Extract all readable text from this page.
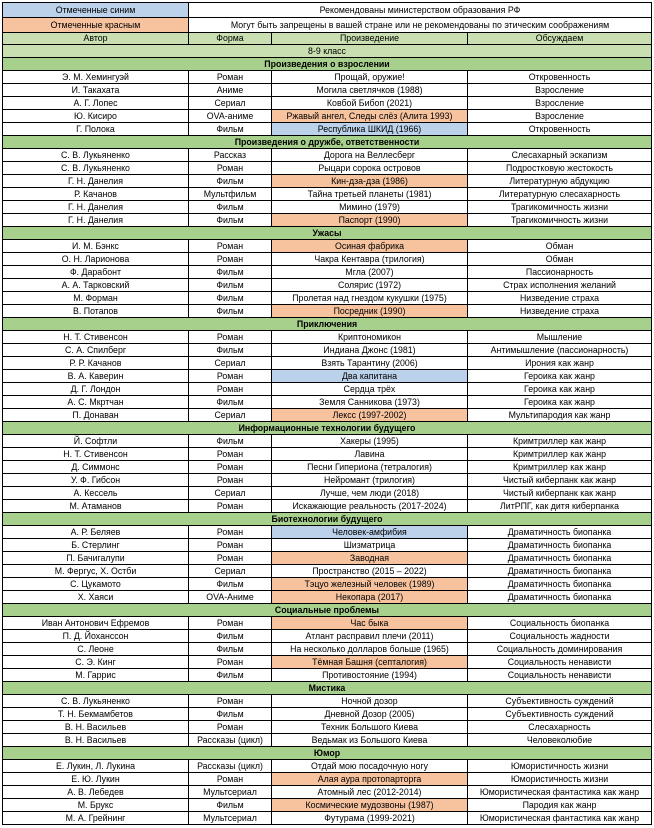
Отмеченные синим	Рекомендованы министерством образования РФ
Отмеченные красным	Могут быть запрещены в вашей стране или не рекомендованы по этическим соображениям
Автор	Форма	Произведение	Обсуждаем
8-9 класс
Произведения о взрослении
Э. М. Хемингуэй	Роман	Прощай, оружие!	Откровенность
И. Такахата	Аниме	Могила светлячков (1988)	Взросление
А. Г. Лопес	Сериал	Ковбой Бибоп (2021)	Взросление
Ю. Кисиро	OVA-аниме	Ржавый ангел, Следы слёз (Алита 1993)	Взросление
Г. Полока	Фильм	Республика ШКИД (1966)	Откровенность
Произведения о дружбе, ответственности
С. В. Лукьяненко	Рассказ	Дорога на Веллесберг	Слесахарный эскапизм
С. В. Лукьяненко	Роман	Рыцари сорока островов	Подростковую жестокость
Г. Н. Данелия	Фильм	Кин-дза-дза (1986)	Литературную абдукцию
Р. Качанов	Мультфильм	Тайна третьей планеты (1981)	Литературную слесахарность
Г. Н. Данелия	Фильм	Мимино (1979)	Трагикомичность жизни
Г. Н. Данелия	Фильм	Паспорт (1990)	Трагикомичность жизни
Ужасы
И. М. Бэнкс	Роман	Осиная фабрика	Обман
О. Н. Ларионова	Роман	Чакра Кентавра (трилогия)	Обман
Ф. Дарабонт	Фильм	Мгла (2007)	Пассионарность
А. А. Тарковский	Фильм	Солярис (1972)	Страх исполнения желаний
М. Форман	Фильм	Пролетая над гнездом кукушки (1975)	Низведение страха
В. Потапов	Фильм	Посредник (1990)	Низведение страха
Приключения
Н. Т. Стивенсон	Роман	Криптономикон	Мышление
С. А. Спилберг	Фильм	Индиана Джонс (1981)	Антимышление (пассионарность)
Р. Р. Качанов	Сериал	Взять Тарантину (2006)	Ирония как жанр
В. А. Каверин	Роман	Два капитана	Героика как жанр
Д. Г. Лондон	Роман	Сердца трёх	Героика как жанр
А. С. Мкртчан	Фильм	Земля Санникова (1973)	Героика как жанр
П. Донаван	Сериал	Лексс (1997-2002)	Мультипародия как жанр
Информационные технологии будущего
Й. Софтли	Фильм	Хакеры (1995)	Кримтриллер как жанр
Н. Т. Стивенсон	Роман	Лавина	Кримтриллер как жанр
Д. Симмонс	Роман	Песни Гипериона (тетралогия)	Кримтриллер как жанр
У. Ф. Гибсон	Роман	Нейромант (трилогия)	Чистый киберпанк как жанр
А. Кессель	Сериал	Лучше, чем люди (2018)	Чистый киберпанк как жанр
М. Атаманов	Роман	Искажающие реальность (2017-2024)	ЛитРПГ, как дитя киберпанка
Биотехнологии будущего
А. Р. Беляев	Роман	Человек-амфибия	Драматичность биопанка
Б. Стерлинг	Роман	Шизматрица	Драматичность биопанка
П. Бачигалупи	Роман	Заводная	Драматичность биопанка
М. Фергус, Х. Остби	Сериал	Пространство (2015 – 2022)	Драматичность биопанка
С. Цукамото	Фильм	Тэцуо железный человек (1989)	Драматичность биопанка
Х. Хаяси	OVA-Аниме	Некопара (2017)	Драматичность биопанка
Социальные проблемы
Иван Антонович Ефремов	Роман	Час быка	Социальность биопанка
П. Д. Йохансcон	Фильм	Атлант расправил плечи (2011)	Социальность жадности
С. Леоне	Фильм	На несколько долларов больше (1965)	Социальность доминирования
С. Э. Кинг	Роман	Тёмная Башня (септалогия)	Социальность ненависти
М. Гаррис	Фильм	Противостояние (1994)	Социальность ненависти
Мистика
С. В. Лукьяненко	Роман	Ночной дозор	Субъективность суждений
Т. Н. Бекмамбетов	Фильм	Дневной Дозор (2005)	Субъективность суждений
В. Н. Васильев	Роман	Техник Большого Киева	Слесахарность
В. Н. Васильев	Рассказы (цикл)	Ведьмак из Большого Киева	Человеколюбие
Юмор
Е. Лукин, Л. Лукина	Рассказы (цикл)	Отдай мою посадочную ногу	Юмористичность жизни
Е. Ю. Лукин	Роман	Алая аура протопарторга	Юмористичность жизни
А. В. Лебедев	Мультсериал	Атомный лес (2012-2014)	Юмористическая фантастика как жанр
М. Брукс	Фильм	Космические мудозвоны (1987)	Пародия как жанр
М. А. Грейнинг	Мультсериал	Футурама (1999-2021)	Юмористическая фантастика как жанр
